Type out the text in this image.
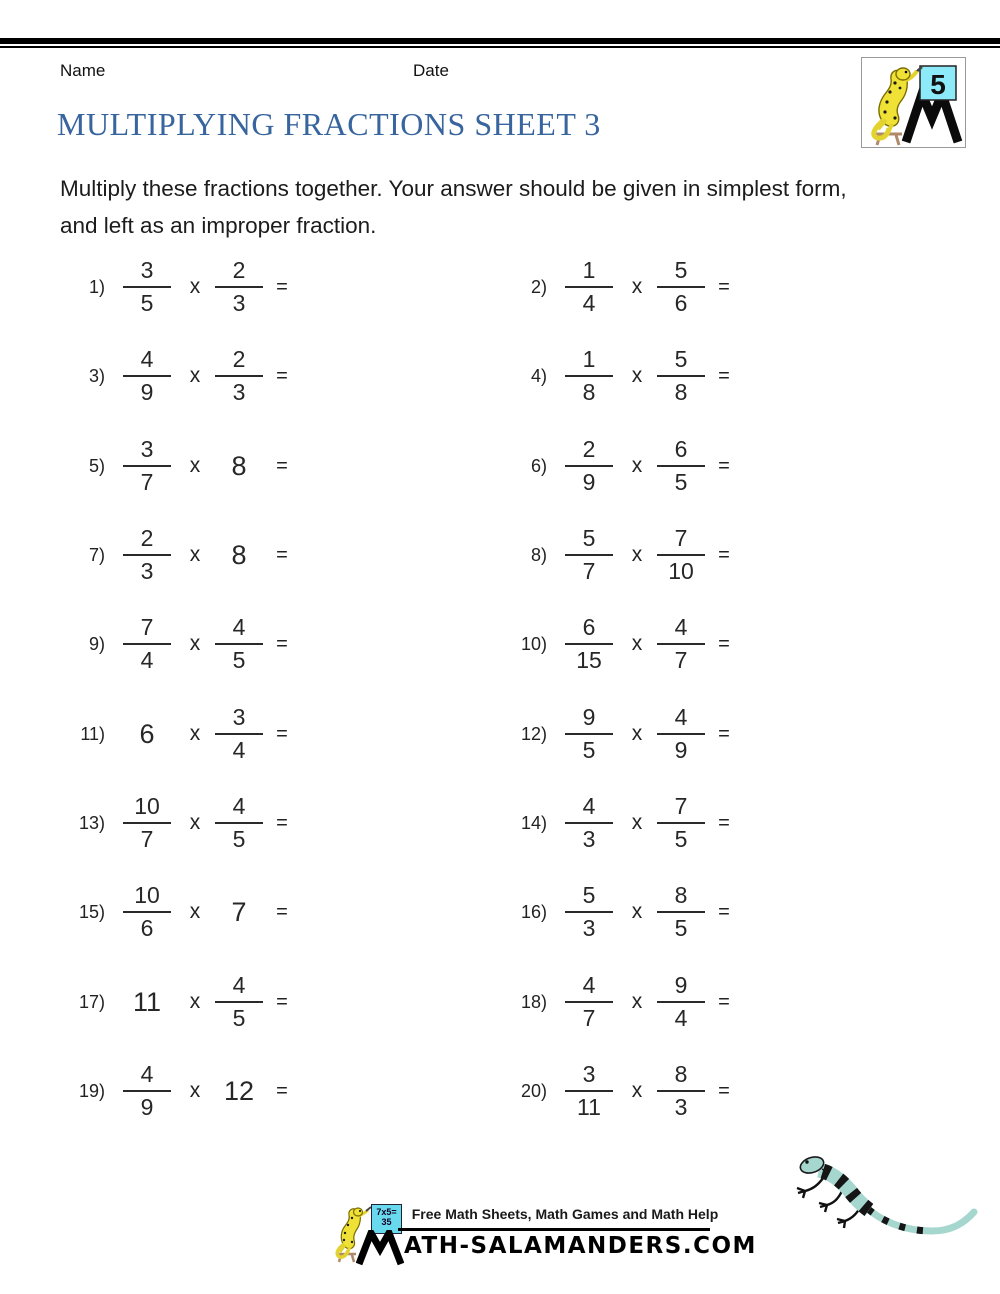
Name	Date	5
MULTIPLYING FRACTIONS SHEET 3
Multiply these fractions together. Your answer should be given in simplest form,
and left as an improper fraction.
$1) \frac{3}{5}$ x $\frac{2}{3}$ =	$2) \frac{1}{4}$ x $\frac{5}{6}$ =
$3) \frac{4}{9}$ x $\frac{2}{3}$ =	$4) \frac{1}{8}$ x $\frac{5}{8}$ =
$5) \frac{3}{7}$ x	8	=	$6) \frac{2}{9}$ x $\frac{6}{5}$ =
$7) \frac{2}{3}$ x	8	=	$8) \frac{5}{7}$ x $\frac{7}{10}$ =
$9) \frac{7}{4}$ x $\frac{4}{5}$ =	$10) \frac{6}{15}$ x $\frac{4}{7}$ =
11) 6	x $\frac{3}{4}$ =	$12) \frac{9}{5}$ x $\frac{4}{9}$ =
$13) \frac{10}{7}$ x $\frac{4}{5}$ =	$14) \frac{4}{3}$ x $\frac{7}{5}$ =
$15) \frac{10}{6}$ x	7	=	$16) \frac{5}{3}$ x $\frac{8}{5}$ =
17) 11	x $\frac{4}{5}$ =	$18) \frac{4}{7}$ x $\frac{9}{4}$ =
$19) \frac{4}{9}$ x 12	=	$20) \frac{3}{11}$ x $\frac{8}{3}$ =
7x5=
35
Free Math Sheets, Math Games and Math Help
ATH-SALAMANDERS.COM
